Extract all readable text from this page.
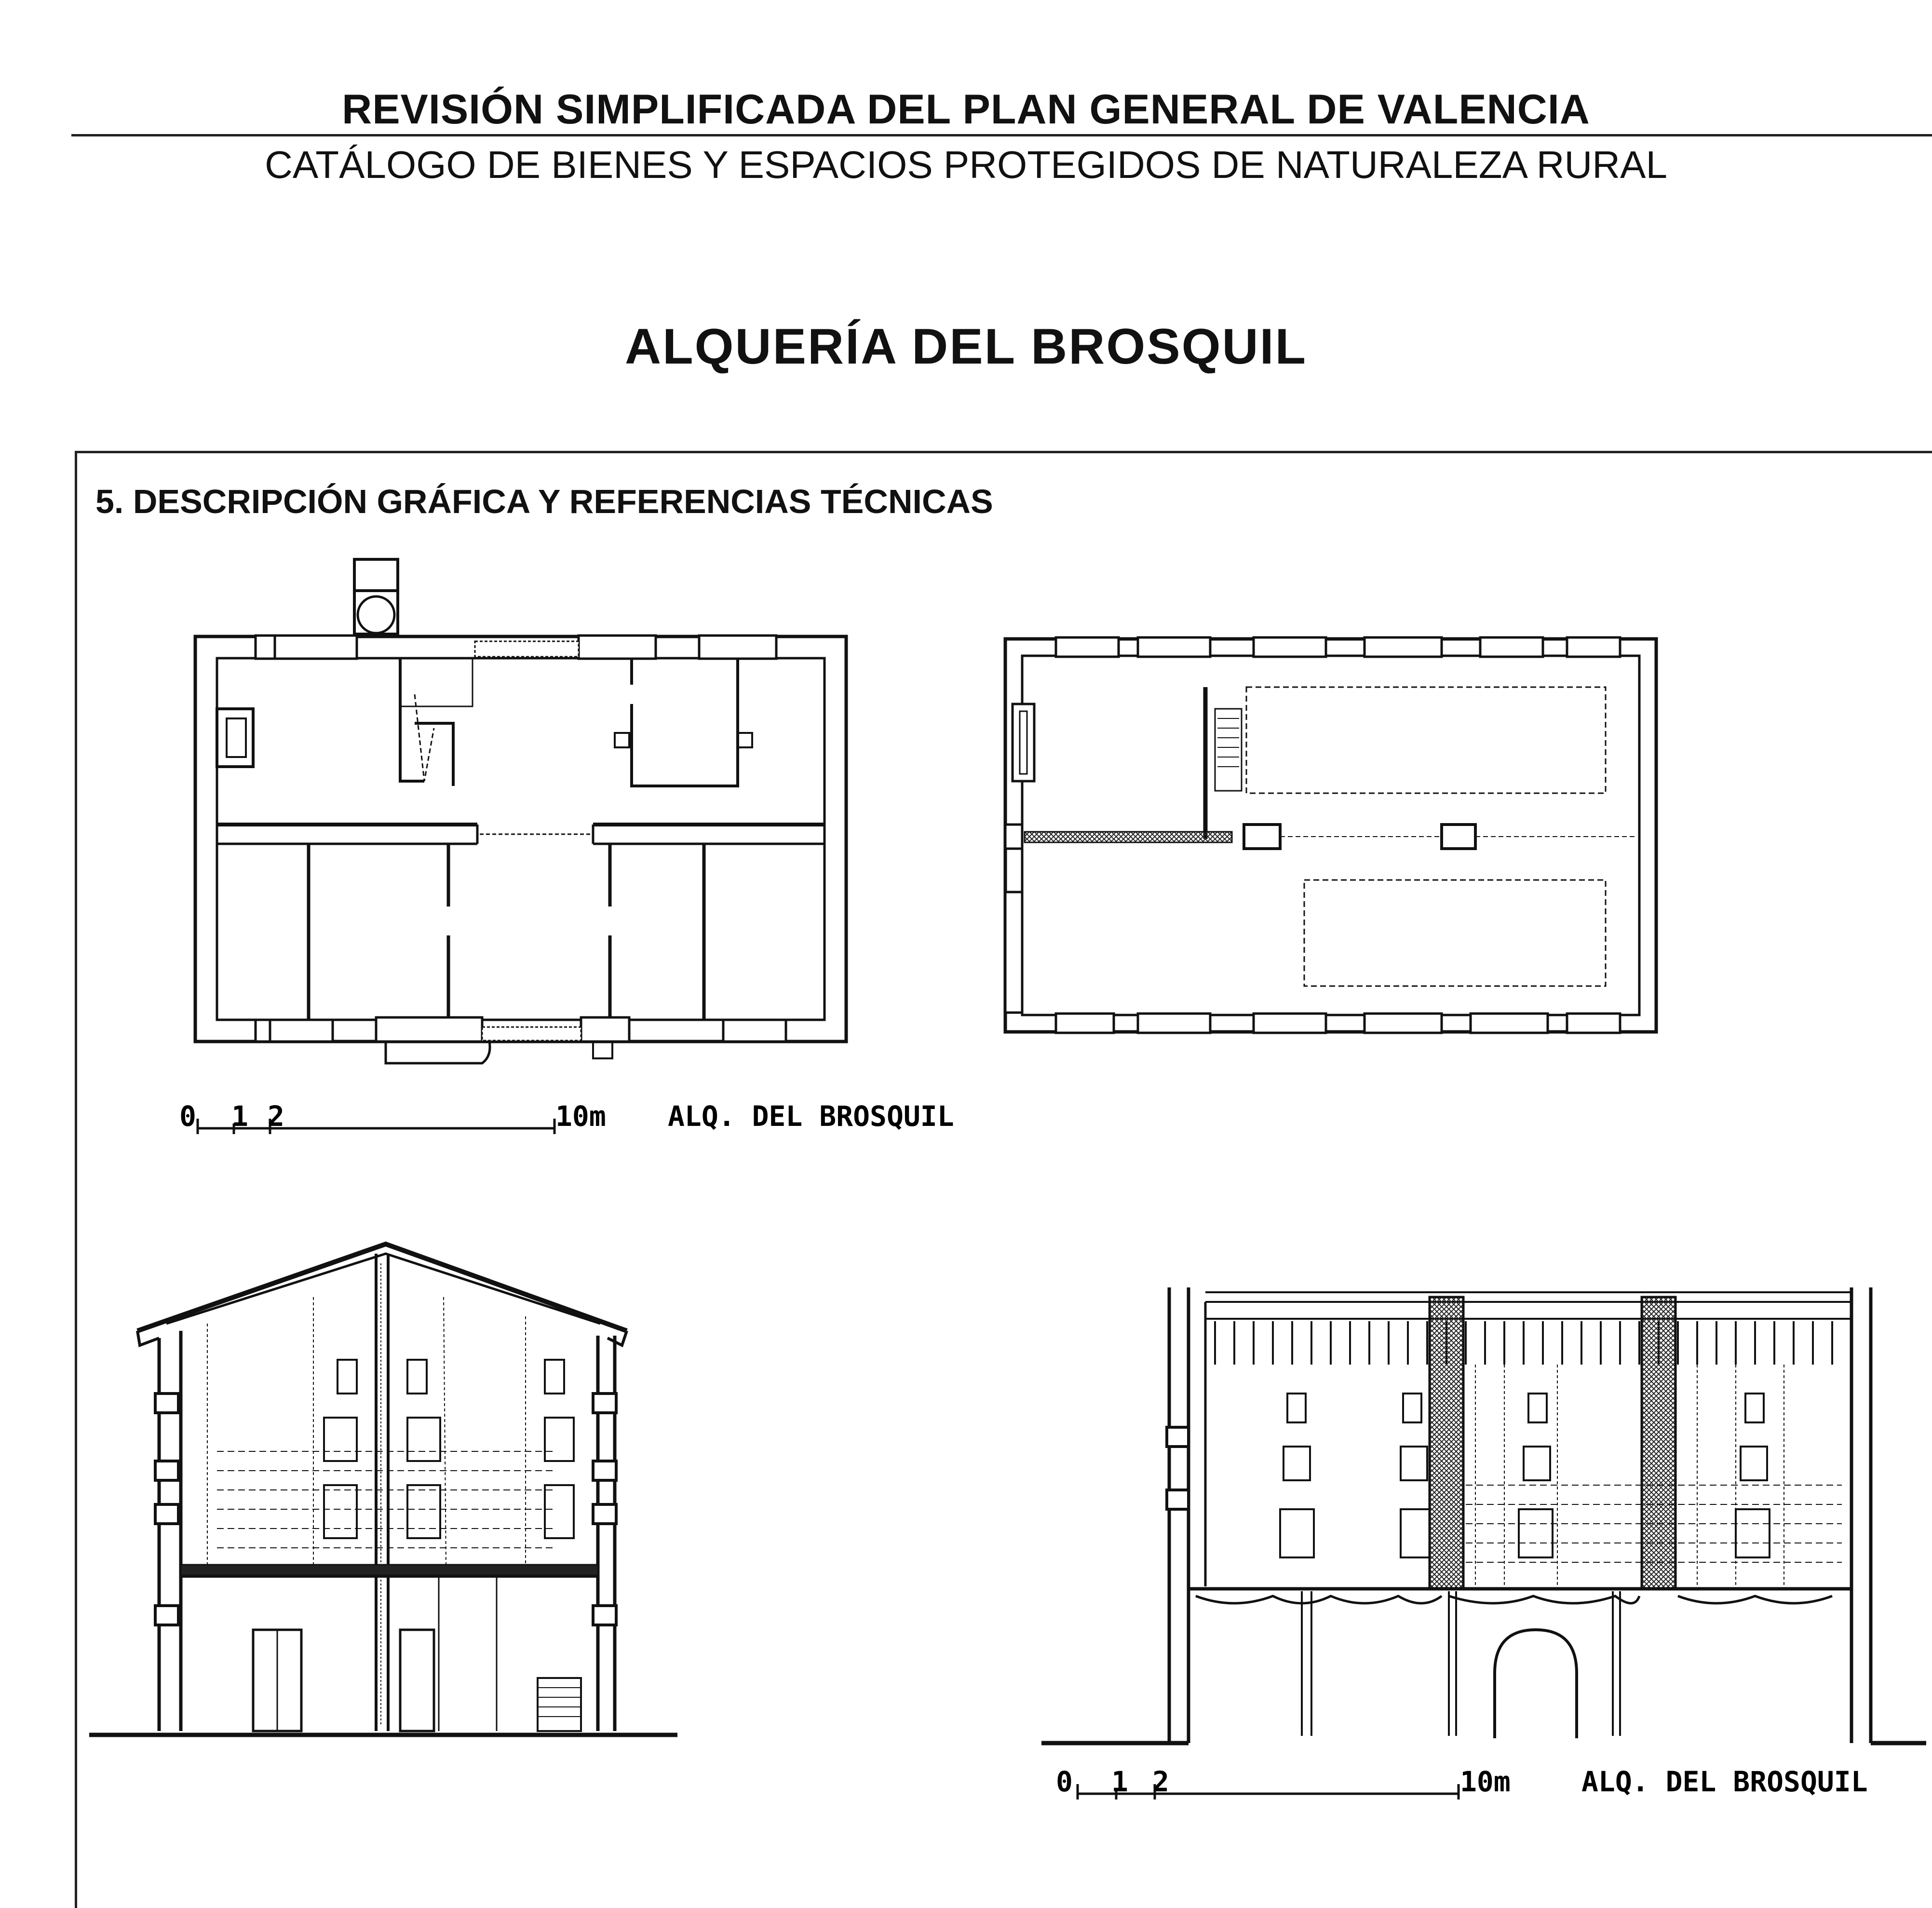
REVISIÓN SIMPLIFICADA DEL PLAN GENERAL DE VALENCIA
CATÁLOGO DE BIENES Y ESPACIOS PROTEGIDOS DE NATURALEZA RURAL
ALQUERÍA DEL BROSQUIL
5. DESCRIPCIÓN GRÁFICA Y REFERENCIAS TÉCNICAS
0 1 2	10m ALQ. DEL BROSQUIL
0 1 2	10m	ALQ. DEL BROSQUIL
